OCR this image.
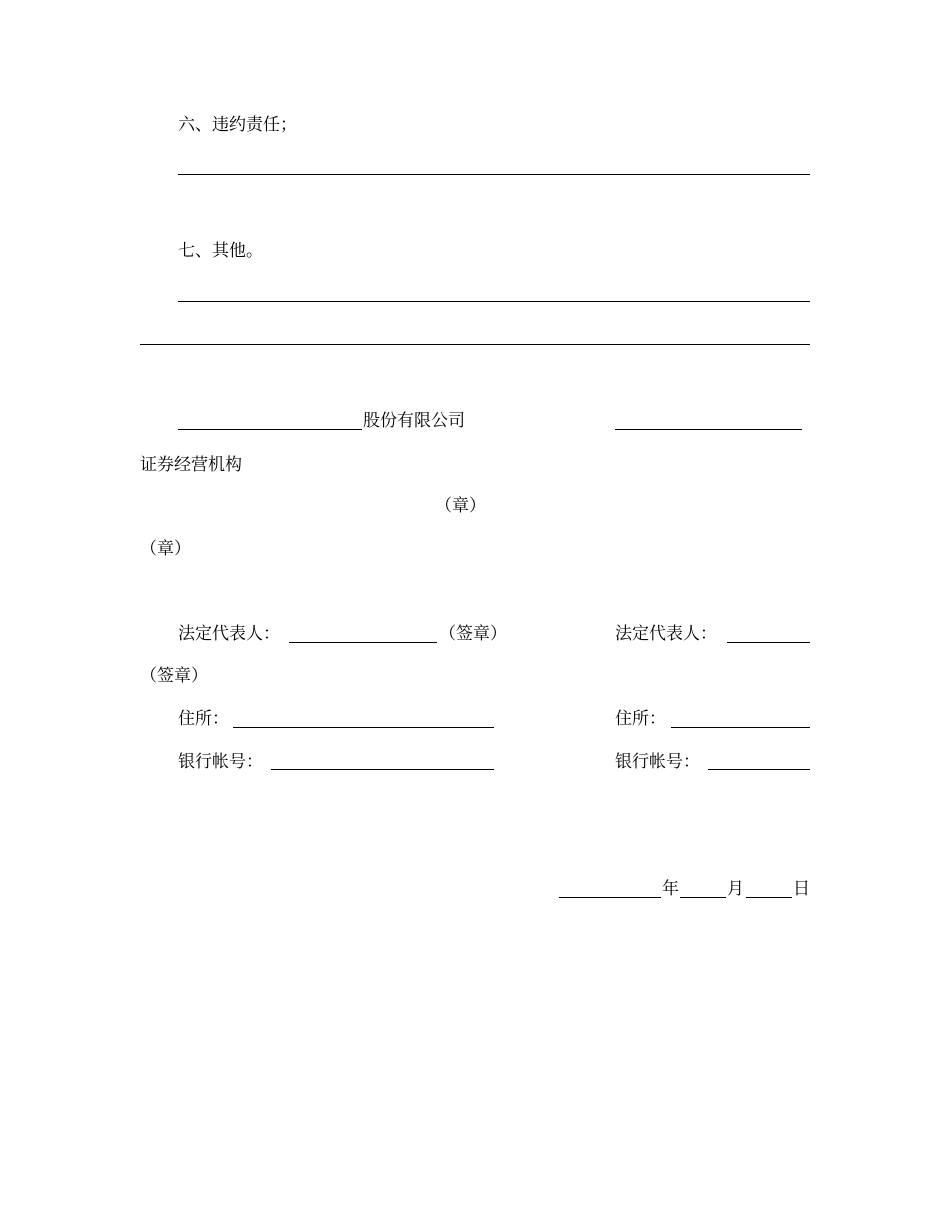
六、违约责任；
七、其他。
股份有限公司
证券经营机构
（章）
（章）
法定代表人：	（签章）	法定代表人：
（签章）
住所：	住所：
银行帐号：	银行帐号：
年	月	日
